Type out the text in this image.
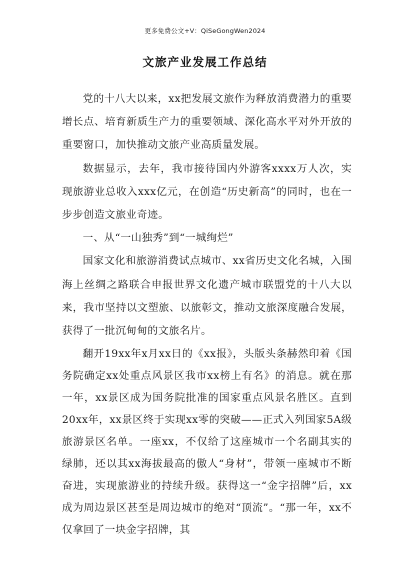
更多免费公文+V：QiSeGongWen2024
文旅产业发展工作总结

党的十八大以来，xx把发展文旅作为释放消费潜力的重要增长点、培育新质生产力的重要领域、深化高水平对外开放的重要窗口，加快推动文旅产业高质量发展。

数据显示，去年，我市接待国内外游客xxxx万人次，实现旅游业总收入xxx亿元，在创造“历史新高”的同时，也在一步步创造文旅业奇迹。

一、从“一山独秀”到“一城绚烂”

国家文化和旅游消费试点城市、xx省历史文化名城，入围海上丝绸之路联合申报世界文化遗产城市联盟党的十八大以来，我市坚持以文塑旅、以旅彰文，推动文旅深度融合发展，获得了一批沉甸甸的文旅名片。

翻开19xx年x月xx日的《xx报》，头版头条赫然印着《国务院确定xx处重点风景区我市xx榜上有名》的消息。就在那一年，xx景区成为国务院批准的国家重点风景名胜区。直到20xx年，xx景区终于实现xx零的突破——正式入列国家5A级旅游景区名单。一座xx，不仅给了这座城市一个名副其实的绿肺，还以其xx海拔最高的傲人“身材”，带领一座城市不断奋进，实现旅游业的持续升级。获得这一“金字招牌”后，xx成为周边景区甚至是周边城市的绝对“顶流”。“那一年，xx不仅拿回了一块金字招牌，其
